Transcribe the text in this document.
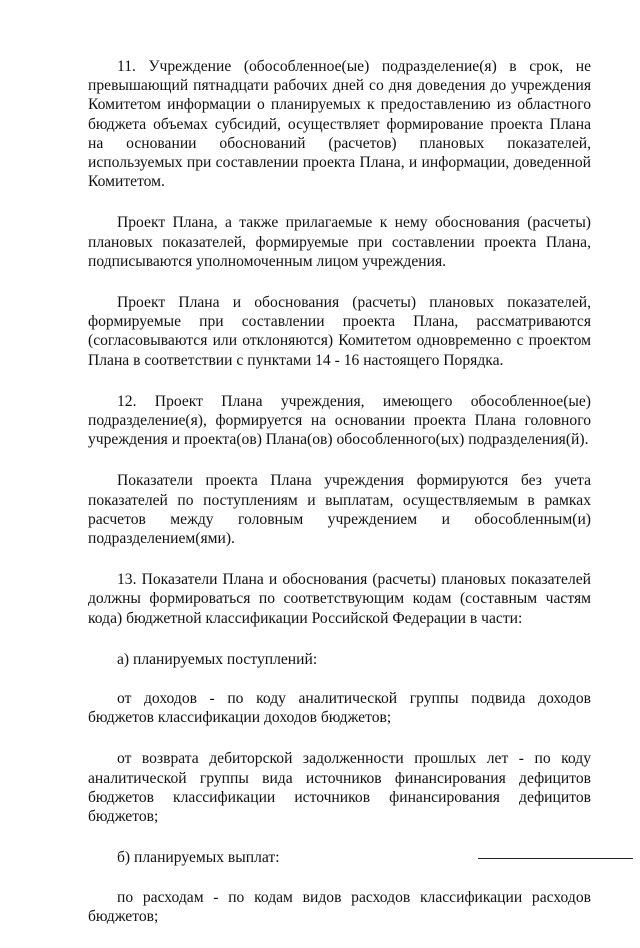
11. Учреждение (обособленное(ые) подразделение(я) в срок, не превышающий пятнадцати рабочих дней со дня доведения до учреждения Комитетом информации о планируемых к предоставлению из областного бюджета объемах субсидий, осуществляет формирование проекта Плана на основании обоснований (расчетов) плановых показателей, используемых при составлении проекта Плана, и информации, доведенной Комитетом.

Проект Плана, а также прилагаемые к нему обоснования (расчеты) плановых показателей, формируемые при составлении проекта Плана, подписываются уполномоченным лицом учреждения.

Проект Плана и обоснования (расчеты) плановых показателей, формируемые при составлении проекта Плана, рассматриваются (согласовываются или отклоняются) Комитетом одновременно с проектом Плана в соответствии с пунктами 14 - 16 настоящего Порядка.

12. Проект Плана учреждения, имеющего обособленное(ые) подразделение(я), формируется на основании проекта Плана головного учреждения и проекта(ов) Плана(ов) обособленного(ых) подразделения(й).

Показатели проекта Плана учреждения формируются без учета показателей по поступлениям и выплатам, осуществляемым в рамках расчетов между головным учреждением и обособленным(и) подразделением(ями).

13. Показатели Плана и обоснования (расчеты) плановых показателей должны формироваться по соответствующим кодам (составным частям кода) бюджетной классификации Российской Федерации в части:

а) планируемых поступлений:

от доходов - по коду аналитической группы подвида доходов бюджетов классификации доходов бюджетов;

от возврата дебиторской задолженности прошлых лет - по коду аналитической группы вида источников финансирования дефицитов бюджетов классификации источников финансирования дефицитов бюджетов;

б) планируемых выплат:

по расходам - по кодам видов расходов классификации расходов бюджетов;
